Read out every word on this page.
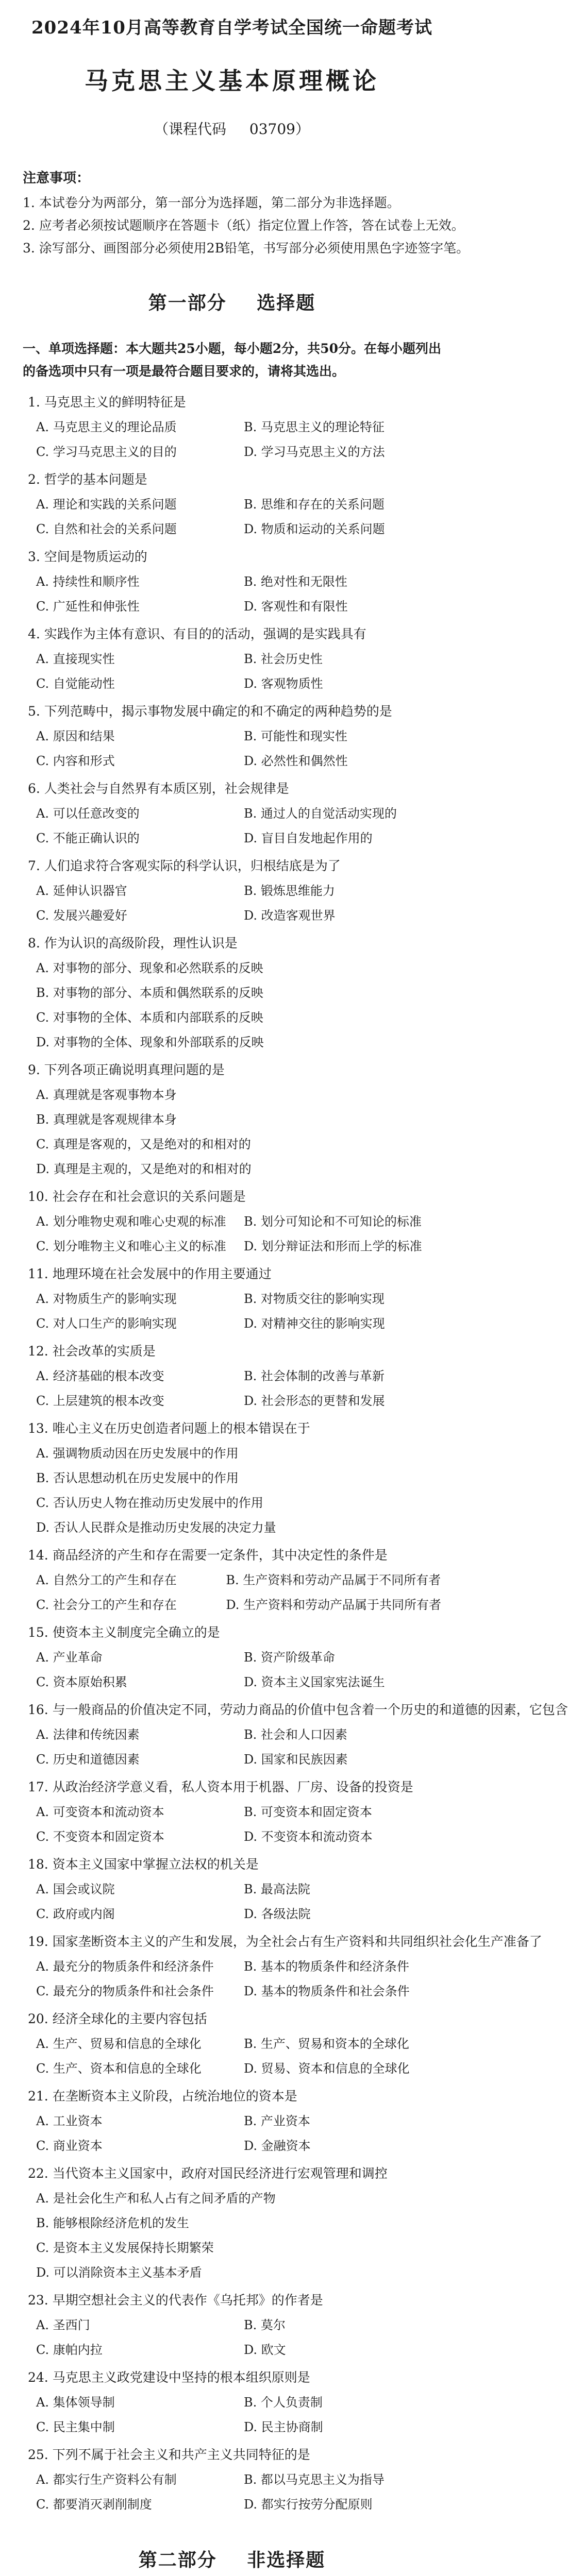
2024年10月高等教育自学考试全国统一命题考试
马克思主义基本原理概论
（课程代码 03709）
注意事项：
1. 本试卷分为两部分，第一部分为选择题，第二部分为非选择题。
2. 应考者必须按试题顺序在答题卡（纸）指定位置上作答，答在试卷上无效。
3. 涂写部分、画图部分必须使用2B铅笔，书写部分必须使用黑色字迹签字笔。
第一部分 选择题
一、单项选择题：本大题共25小题，每小题2分，共50分。在每小题列出的备选项中只有一项是最符合题目要求的，请将其选出。
1. 马克思主义的鲜明特征是
A. 马克思主义的理论品质	B. 马克思主义的理论特征
C. 学习马克思主义的目的	D. 学习马克思主义的方法
2. 哲学的基本问题是
A. 理论和实践的关系问题	B. 思维和存在的关系问题
C. 自然和社会的关系问题	D. 物质和运动的关系问题
3. 空间是物质运动的
A. 持续性和顺序性	B. 绝对性和无限性
C. 广延性和伸张性	D. 客观性和有限性
4. 实践作为主体有意识、有目的的活动，强调的是实践具有
A. 直接现实性	B. 社会历史性
C. 自觉能动性	D. 客观物质性
5. 下列范畴中，揭示事物发展中确定的和不确定的两种趋势的是
A. 原因和结果	B. 可能性和现实性
C. 内容和形式	D. 必然性和偶然性
6. 人类社会与自然界有本质区别，社会规律是
A. 可以任意改变的	B. 通过人的自觉活动实现的
C. 不能正确认识的	D. 盲目自发地起作用的
7. 人们追求符合客观实际的科学认识，归根结底是为了
A. 延伸认识器官	B. 锻炼思维能力
C. 发展兴趣爱好	D. 改造客观世界
8. 作为认识的高级阶段，理性认识是
A. 对事物的部分、现象和必然联系的反映
B. 对事物的部分、本质和偶然联系的反映
C. 对事物的全体、本质和内部联系的反映
D. 对事物的全体、现象和外部联系的反映
9. 下列各项正确说明真理问题的是
A. 真理就是客观事物本身
B. 真理就是客观规律本身
C. 真理是客观的，又是绝对的和相对的
D. 真理是主观的，又是绝对的和相对的
10. 社会存在和社会意识的关系问题是
A. 划分唯物史观和唯心史观的标准	B. 划分可知论和不可知论的标准
C. 划分唯物主义和唯心主义的标准	D. 划分辩证法和形而上学的标准
11. 地理环境在社会发展中的作用主要通过
A. 对物质生产的影响实现	B. 对物质交往的影响实现
C. 对人口生产的影响实现	D. 对精神交往的影响实现
12. 社会改革的实质是
A. 经济基础的根本改变	B. 社会体制的改善与革新
C. 上层建筑的根本改变	D. 社会形态的更替和发展
13. 唯心主义在历史创造者问题上的根本错误在于
A. 强调物质动因在历史发展中的作用
B. 否认思想动机在历史发展中的作用
C. 否认历史人物在推动历史发展中的作用
D. 否认人民群众是推动历史发展的决定力量
14. 商品经济的产生和存在需要一定条件，其中决定性的条件是
A. 自然分工的产生和存在	B. 生产资料和劳动产品属于不同所有者
C. 社会分工的产生和存在	D. 生产资料和劳动产品属于共同所有者
15. 使资本主义制度完全确立的是
A. 产业革命	B. 资产阶级革命
C. 资本原始积累	D. 资本主义国家宪法诞生
16. 与一般商品的价值决定不同，劳动力商品的价值中包含着一个历史的和道德的因素，它包含
A. 法律和传统因素	B. 社会和人口因素
C. 历史和道德因素	D. 国家和民族因素
17. 从政治经济学意义看，私人资本用于机器、厂房、设备的投资是
A. 可变资本和流动资本	B. 可变资本和固定资本
C. 不变资本和固定资本	D. 不变资本和流动资本
18. 资本主义国家中掌握立法权的机关是
A. 国会或议院	B. 最高法院
C. 政府或内阁	D. 各级法院
19. 国家垄断资本主义的产生和发展，为全社会占有生产资料和共同组织社会化生产准备了
A. 最充分的物质条件和经济条件	B. 基本的物质条件和经济条件
C. 最充分的物质条件和社会条件	D. 基本的物质条件和社会条件
20. 经济全球化的主要内容包括
A. 生产、贸易和信息的全球化	B. 生产、贸易和资本的全球化
C. 生产、资本和信息的全球化	D. 贸易、资本和信息的全球化
21. 在垄断资本主义阶段，占统治地位的资本是
A. 工业资本	B. 产业资本
C. 商业资本	D. 金融资本
22. 当代资本主义国家中，政府对国民经济进行宏观管理和调控
A. 是社会化生产和私人占有之间矛盾的产物
B. 能够根除经济危机的发生
C. 是资本主义发展保持长期繁荣
D. 可以消除资本主义基本矛盾
23. 早期空想社会主义的代表作《乌托邦》的作者是
A. 圣西门	B. 莫尔
C. 康帕内拉	D. 欧文
24. 马克思主义政党建设中坚持的根本组织原则是
A. 集体领导制	B. 个人负责制
C. 民主集中制	D. 民主协商制
25. 下列不属于社会主义和共产主义共同特征的是
A. 都实行生产资料公有制	B. 都以马克思主义为指导
C. 都要消灭剥削制度	D. 都实行按劳分配原则
第二部分 非选择题
